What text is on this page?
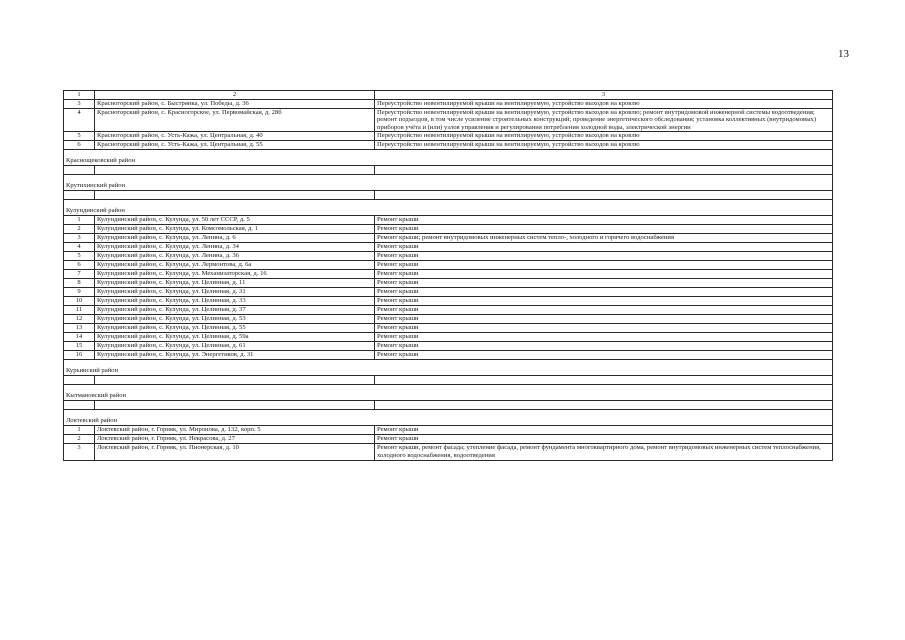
13
1	2	3
3	Красногорский район, с. Быстрянка, ул. Победы, д. 36	Переустройство невентилируемой крыши на вентилируемую, устройство выходов на кровлю
4	Красногорский район, с. Красногорское, ул. Первомайская, д. 28б	Переустройство невентилируемой крыши на вентилируемую, устройство выходов на кровлю; ремонт внутридомовой инженерной системы водоотведения; ремонт подъездов, в том числе усиление строительных конструкций; проведение энергетического обследования; установка коллективных (внутридомовых) приборов учёта и (или) узлов управления и регулирования потребления холодной воды, электрической энергии
5	Красногорский район, с. Усть-Кажа, ул. Центральная, д. 40	Переустройство невентилируемой крыши на вентилируемую, устройство выходов на кровлю
6	Красногорский район, с. Усть-Кажа, ул. Центральная, д. 55	Переустройство невентилируемой крыши на вентилируемую, устройство выходов на кровлю
Краснощековский район		

Крутихинский район		

Кулундинский район		
1	Кулундинский район, с. Кулунда, ул. 50 лет СССР, д. 5	Ремонт крыши
2	Кулундинский район, с. Кулунда, ул. Комсомольская, д. 1	Ремонт крыши
3	Кулундинский район, с. Кулунда, ул. Ленина, д. 6	Ремонт крыши; ремонт внутридомовых инженерных систем тепло-, холодного и горячего водоснабжения
4	Кулундинский район, с. Кулунда, ул. Ленина, д. 34	Ремонт крыши
5	Кулундинский район, с. Кулунда, ул. Ленина, д. 36	Ремонт крыши
6	Кулундинский район, с. Кулунда, ул. Лермонтова, д. 6а	Ремонт крыши
7	Кулундинский район, с. Кулунда, ул. Механизаторская, д. 16	Ремонт крыши
8	Кулундинский район, с. Кулунда, ул. Целинная, д. 11	Ремонт крыши
9	Кулундинский район, с. Кулунда, ул. Целинная, д. 31	Ремонт крыши
10	Кулундинский район, с. Кулунда, ул. Целинная, д. 33	Ремонт крыши
11	Кулундинский район, с. Кулунда, ул. Целинная, д. 37	Ремонт крыши
12	Кулундинский район, с. Кулунда, ул. Целинная, д. 53	Ремонт крыши
13	Кулундинский район, с. Кулунда, ул. Целинная, д. 55	Ремонт крыши
14	Кулундинский район, с. Кулунда, ул. Целинная, д. 59а	Ремонт крыши
15	Кулундинский район, с. Кулунда, ул. Целинная, д. 61	Ремонт крыши
16	Кулундинский район, с. Кулунда, ул. Энергетиков, д. 31	Ремонт крыши
Курьинский район		

Кытмановский район		

Локтевский район		
1	Локтевский район, г. Горняк, ул. Миронова, д. 132, корп. 5	Ремонт крыши
2	Локтевский район, г. Горняк, ул. Некрасова, д. 27	Ремонт крыши
3	Локтевский район, г. Горняк, ул. Пионерская, д. 10	Ремонт крыши, ремонт фасада; утепление фасада, ремонт фундамента многоквартирного дома, ремонт внутридомовых инженерных систем теплоснабжения, холодного водоснабжения, водоотведения
